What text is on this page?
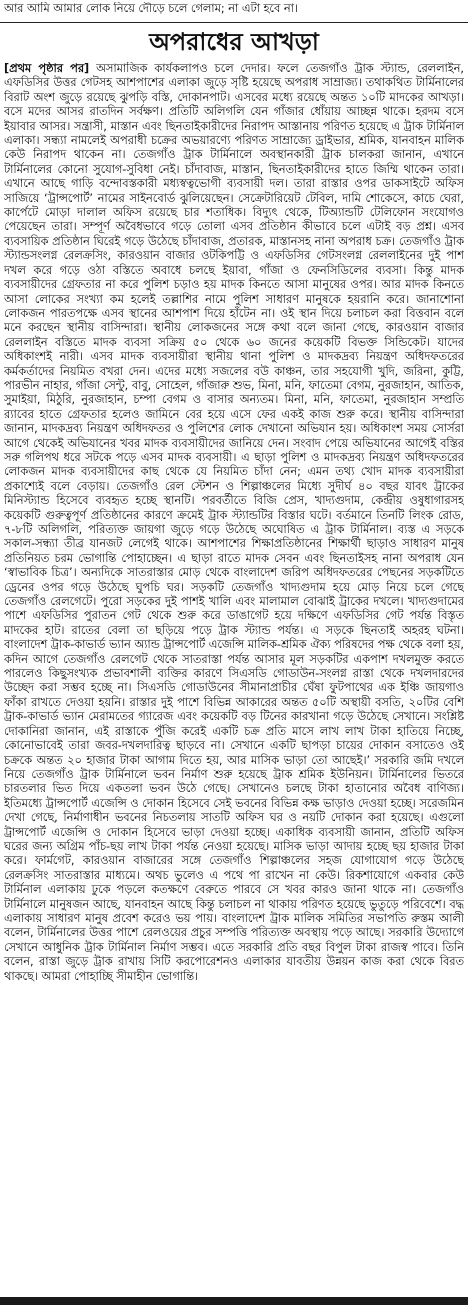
আর আমি আমার লোক নিয়ে দৌড়ে চলে গেলাম; না এটা হবে না।
অপরাধের আখড়া
[প্রথম পৃষ্ঠার পর] অসামাজিক কার্যকলাপও চলে দেদার। ফলে তেজগাঁও ট্রাক স্ট্যান্ড, রেললাইন, এফডিসির উত্তর গেটসহ আশপাশের এলাকা জুড়ে সৃষ্টি হয়েছে অপরাধ সাম্রাজ্য। তথাকথিত টার্মিনালের বিরাট অংশ জুড়ে রয়েছে ঝুপড়ি বস্তি, দোকানপাট। এসবের মধ্যে রয়েছে অন্তত ১০টি মাদকের আখড়া। বসে মদের আসর রাতদিন সর্বক্ষণ। প্রতিটি অলিগলি যেন গাঁজার ধোঁয়ায় আচ্ছন্ন থাকে। হরদম বসে ইয়াবার আসর। সন্ত্রাসী, মাস্তান এবং ছিনতাইকারীদের নিরাপদ আস্তানায় পরিণত হয়েছে এ ট্রাক টার্মিনাল এলাকা। সন্ধ্যা নামলেই অপরাধী চক্রের অভয়ারণ্যে পরিণত সাম্রাজ্যে ড্রাইভার, শ্রমিক, যানবাহন মালিক কেউ নিরাপদ থাকেন না। তেজগাঁও ট্রাক টার্মিনালে অবস্থানকারী ট্রাক চালকরা জানান, এখানে টার্মিনালের কোনো সুযোগ-সুবিধা নেই। চাঁদাবাজ, মাস্তান, ছিনতাইকারীদের হাতে জিম্মি থাকেন তারা। এখানে আছে গাড়ি বন্দোবস্তকারী মধ্যস্বত্বভোগী ব্যবসায়ী দল। তারা রাস্তার ওপর ডাকসাইটে অফিস সাজিয়ে ‘ট্রান্সপোর্ট’ নামের সাইনবোর্ড ঝুলিয়েছেন। সেক্রেটারিয়েট টেবিল, দামি শোকেসে, কাচে ঘেরা, কার্পেটে মোড়া দালাল অফিস রয়েছে চার শতাধিক। বিদ্যুৎ থেকে, টিঅ্যান্ডটি টেলিফোন সংযোগও পেয়েছেন তারা। সম্পূর্ণ অবৈধভাবে গড়ে তোলা এসব প্রতিষ্ঠান কীভাবে চলে এটাই বড় প্রশ্ন। এসব ব্যবসায়িক প্রতিষ্ঠান ঘিরেই গড়ে উঠেছে চাঁদাবাজ, প্রতারক, মাস্তানসহ নানা অপরাধ চক্র। তেজগাঁও ট্রাক স্ট্যান্ডসংলগ্ন রেলক্রসিং, কারওয়ান বাজার ওটকিপট্টি ও এফডিসির গেটসংলগ্ন রেললাইনের দুই পাশ দখল করে গড়ে ওঠা বস্তিতে অবাধে চলছে ইয়াবা, গাঁজা ও ফেনসিডিলের ব্যবসা। কিন্তু মাদক ব্যবসায়ীদের গ্রেফতার না করে পুলিশ চড়াও হয় মাদক কিনতে আসা মানুষের ওপর। আর মাদক কিনতে আসা লোকের সংখ্যা কম হলেই তল্লাশির নামে পুলিশ সাধারণ মানুষকে হয়রানি করে। জানাশোনা লোকজন পারতপক্ষে এসব স্থানের আশপাশ দিয়ে হাঁটেন না। ওই স্থান দিয়ে চলাচল করা বিত্তবান বলে মনে করছেন স্থানীয় বাসিন্দারা। স্থানীয় লোকজনের সঙ্গে কথা বলে জানা গেছে, কারওয়ান বাজার রেললাইন বস্তিতে মাদক ব্যবসা সক্রিয় ৫০ থেকে ৬০ জনের কয়েকটি বিভক্ত সিন্ডিকেট। যাদের অধিকাংশই নারী। এসব মাদক ব্যবসায়ীরা স্থানীয় থানা পুলিশ ও মাদকদ্রব্য নিয়ন্ত্রণ অধিদফতরের কর্মকর্তাদের নিয়মিত বখরা দেন। এদের মধ্যে সজলের বউ কাঞ্চন, তার সহযোগী খুদি, জরিনা, কুট্টি, পারভীন নাহার, গাঁজা সেন্টু, বাবু, সোহেল, গাঁজারু শুভ, মিনা, মনি, ফাতেমা বেগম, নুরজাহান, আতিক, সুমাইয়া, মিঠুরি, নুরজাহান, চম্পা বেগম ও বাসার অন্যতম। মিনা, মনি, ফাতেমা, নুরজাহান সম্প্রতি র‍্যাবের হাতে গ্রেফতার হলেও জামিনে বের হয়ে এসে ফের একই কাজ শুরু করে। স্থানীয় বাসিন্দারা জানান, মাদকদ্রব্য নিয়ন্ত্রণ অধিদফতর ও পুলিশের লোক দেখানো অভিযান হয়। অধিকাংশ সময় সোর্সরা আগে থেকেই অভিযানের খবর মাদক ব্যবসায়ীদের জানিয়ে দেন। সংবাদ পেয়ে অভিযানের আগেই বস্তির সরু গলিপথ ধরে সটকে পড়ে এসব মাদক ব্যবসায়ী। এ ছাড়া পুলিশ ও মাদকদ্রব্য নিয়ন্ত্রণ অধিদফতরের লোকজন মাদক ব্যবসায়ীদের কাছ থেকে যে নিয়মিত চাঁদা নেন; এমন তথ্য খোদ মাদক ব্যবসায়ীরা প্রকাশ্যেই বলে বেড়ায়। তেজগাঁও রেল স্টেশন ও শিল্পাঞ্চলের মিধ্যে সুদীর্ঘ ৪০ বছর যাবৎ ট্রাকের মিনিস্ট্যান্ড হিসেবে ব্যবহৃত হচ্ছে স্থানটি। পরবর্তীতে বিজি প্রেস, খাদ্যগুদাম, কেন্দ্রীয় ওষুধাগারসহ কয়েকটি গুরুত্বপূর্ণ প্রতিষ্ঠানের কারণে ক্রমেই ট্রাক স্ট্যান্ডটির বিস্তার ঘটে। বর্তমানে তিনটি লিংক রোড, ৭-৮টি অলিগলি, পরিত্যক্ত জায়গা জুড়ে গড়ে উঠেছে অঘোষিত এ ট্রাক টার্মিনাল। ব্যস্ত এ সড়কে সকাল-সন্ধ্যা তীব্র যানজট লেগেই থাকে। আশপাশের শিক্ষাপ্রতিষ্ঠানের শিক্ষার্থী ছাড়াও সাধারণ মানুষ প্রতিনিয়ত চরম ভোগান্তি পোহাচ্ছেন। এ ছাড়া রাতে মাদক সেবন এবং ছিনতাইসহ নানা অপরাধ যেন ‘স্বাভাবিক চিত্র’। অন্যদিকে সাতরাস্তার মোড় থেকে বাংলাদেশ জরিপ অধিদফতরের পেছনের সড়কটিতে ড্রেনের ওপর গড়ে উঠেছে ঘুপচি ঘর। সড়কটি তেজগাঁও খাদ্যগুদাম হয়ে মোড় নিয়ে চলে গেছে তেজগাঁও রেলগেটে। পুরো সড়কের দুই পাশই খালি এবং মালামাল বোঝাই ট্রাকের দখলে। খাদ্যগুদামের পাশে এফডিসির পুরাতন গেট থেকে শুরু করে ডাঙাগেট হয়ে দক্ষিণে এফডিসির গেট পর্যন্ত বিস্তৃত মাদকের হাট। রাতের বেলা তা ছড়িয়ে পড়ে ট্রাক স্ট্যান্ড পর্যন্ত। এ সড়কে ছিনতাই অহরহ ঘটনা। বাংলাদেশ ট্রাক-কাভার্ড ভ্যান অ্যান্ড ট্রান্সপোর্ট এজেন্সি মালিক-শ্রমিক ঐক্য পরিষদের পক্ষ থেকে বলা হয়, কদিন আগে তেজগাঁও রেলগেট থেকে সাতরাস্তা পর্যন্ত আসার মূল সড়কটির একপাশ দখলমুক্ত করতে পারলেও কিছুসংখ্যক প্রভাবশালী ব্যক্তির কারণে সিএসডি গোডাউন-সংলগ্ন রাস্তা থেকে দখলদারদের উচ্ছেদ করা সম্ভব হচ্ছে না। সিএসডি গোডাউনের সীমানাপ্রাচীর ঘেঁষা ফুটপাথের এক ইঞ্চি জায়গাও ফাঁকা রাখতে দেওয়া হয়নি। রাস্তার দুই পাশে বিভিন্ন আকারের অন্তত ৫০টি অস্থায়ী বসতি, ২০টির বেশি ট্রাক-কাভার্ড ভ্যান মেরামতের গ্যারেজ এবং কয়েকটি বড় টিনের কারখানা গড়ে উঠেছে সেখানে। সংশ্লিষ্ট দোকানিরা জানান, এই রাস্তাকে পুঁজি করেই একটি চক্র প্রতি মাসে লাখ লাখ টাকা হাতিয়ে নিচ্ছে, কোনোভাবেই তারা জবর-দখলদারিত্ব ছাড়বে না। সেখানে একটি ছাপড়া চায়ের দোকান বসাতেও ওই চক্রকে অন্তত ২০ হাজার টাকা আগাম দিতে হয়, আর মাসিক ভাড়া তো আছেই।’ সরকারি জমি দখলে নিয়ে তেজগাঁও ট্রাক টার্মিনালে ভবন নির্মাণ শুরু হয়েছে ট্রাক শ্রমিক ইউনিয়ন। টার্মিনালের ভিতরে চারতলার ভিত দিয়ে একতলা ভবন উঠে গেছে। সেখানেও চলছে টাকা হাতানোর অবৈধ বাণিজ্য। ইতিমধ্যে ট্রান্সপোর্ট এজেন্সি ও দোকান হিসেবে সেই ভবনের বিভিন্ন কক্ষ ভাড়াও দেওয়া হচ্ছে। সরেজমিন দেখা গেছে, নির্মাণাধীন ভবনের নিচতলায় সাতটি অফিস ঘর ও নয়টি দোকান করা হয়েছে। এগুলো ট্রান্সপোর্ট এজেন্সি ও দোকান হিসেবে ভাড়া দেওয়া হচ্ছে। একাধিক ব্যবসায়ী জানান, প্রতিটি অফিস ঘরের জন্য অগ্রিম পাঁচ-ছয় লাখ টাকা পর্যন্ত নেওয়া হয়েছে। মাসিক ভাড়া আদায় হচ্ছে ছয় হাজার টাকা করে। ফার্মগেট, কারওয়ান বাজারের সঙ্গে তেজগাঁও শিল্পাঞ্চলের সহজ যোগাযোগ গড়ে উঠেছে রেলক্রসিং সাতরাস্তার মাধ্যমে। অথচ ভুলেও এ পথে পা রাখেন না কেউ। রিকশাযোগে একবার কেউ টার্মিনাল এলাকায় ঢুকে পড়লে কতক্ষণে বেরুতে পারবে সে খবর কারও জানা থাকে না। তেজগাঁও টার্মিনালে মানুষজন আছে, যানবাহন আছে কিন্তু চলাচল না থাকায় পরিণত হয়েছে ভুতুড়ে পরিবেশে। বদ্ধ এলাকায় সাধারণ মানুষ প্রবেশ করেও ভয় পায়। বাংলাদেশ ট্রাক মালিক সমিতির সভাপতি রুস্তম আলী বলেন, টার্মিনালের উত্তর পাশে রেলওয়ের প্রচুর সম্পত্তি পরিত্যক্ত অবস্থায় পড়ে আছে। সরকারি উদ্যোগে সেখানে আধুনিক ট্রাক টার্মিনাল নির্মাণ সম্ভব। এতে সরকারি প্রতি বছর বিপুল টাকা রাজস্ব পাবে। তিনি বলেন, রাস্তা জুড়ে ট্রাক রাখায় সিটি করপোরেশনও এলাকার যাবতীয় উন্নয়ন কাজ করা থেকে বিরত থাকছে। আমরা পোহাচ্ছি সীমাহীন ভোগান্তি।
